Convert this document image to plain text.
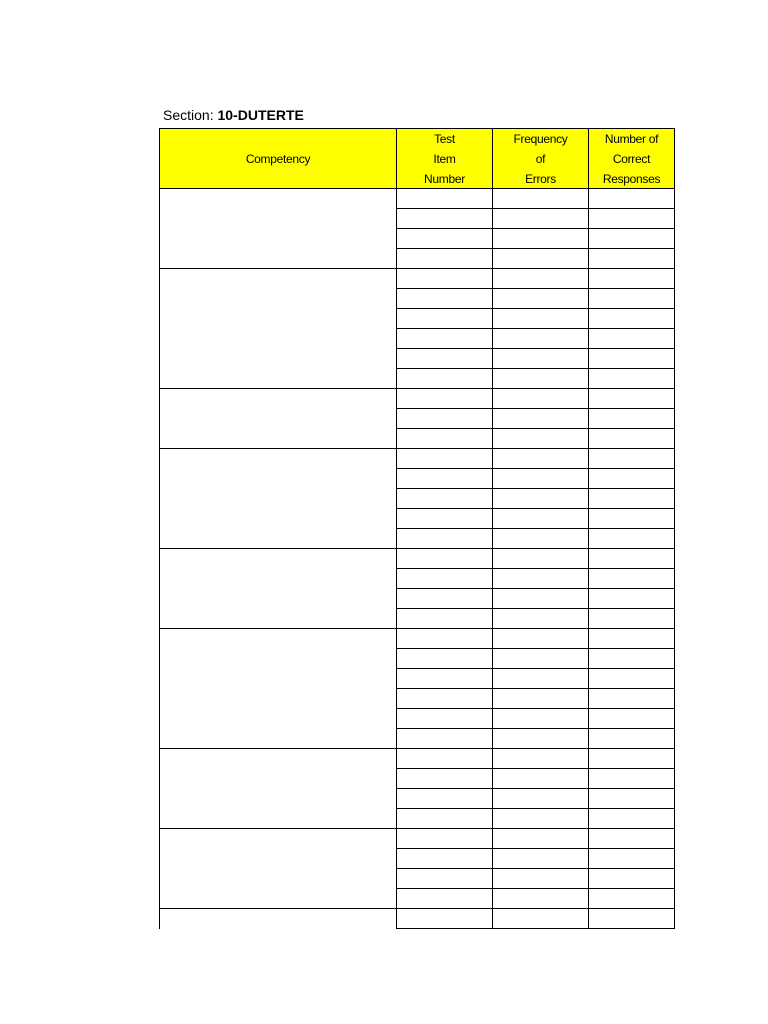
Section: 10-DUTERTE
Competency
Test
Item
Number
Frequency
of
Errors
Number of
Correct
Responses
